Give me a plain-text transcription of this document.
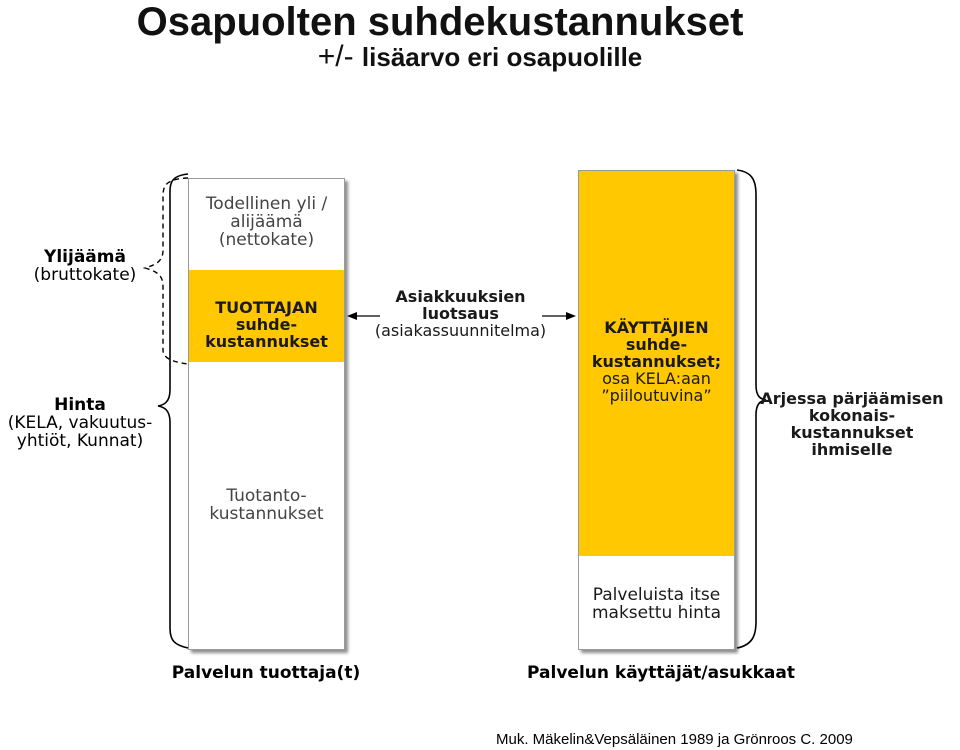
Osapuolten suhdekustannukset
+/- lisäarvo eri osapuolille
Ylijäämä
(bruttokate)
Hinta
(KELA, vakuutus-
yhtiöt, Kunnat)
Todellinen yli /
alijäämä
(nettokate)
TUOTTAJAN
suhde-
kustannukset
Tuotanto-
kustannukset
Asiakkuuksien
luotsaus
(asiakassuunnitelma)	KÄYTTÄJIEN
suhde-
kustannukset;
osa KELA:aan
”piiloutuvina”
Palveluista itse
maksettu hinta
Arjessa pärjäämisen
kokonais-
kustannukset
ihmiselle
Palvelun tuottaja(t)	Palvelun käyttäjät/asukkaat
Muk. Mäkelin&Vepsäläinen 1989 ja Grönroos C. 2009
